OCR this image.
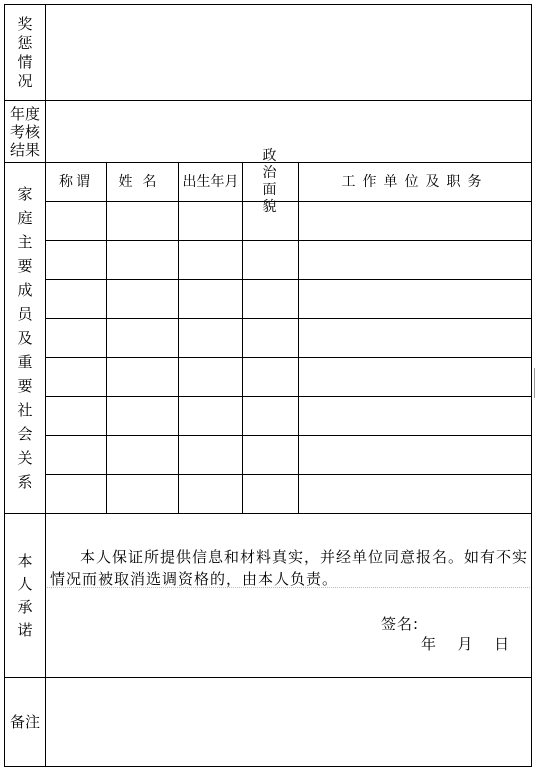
奖惩情况
年度考核结果
家庭主要成员及重要社会关系
本人承诺
备注
称谓	姓名	出生年月
政治面貌
工作单位及职务
本人保证所提供信息和材料真实，并经单位同意报名。如有不实情况而被取消选调资格的，由本人负责。
签名:
年  月  日
